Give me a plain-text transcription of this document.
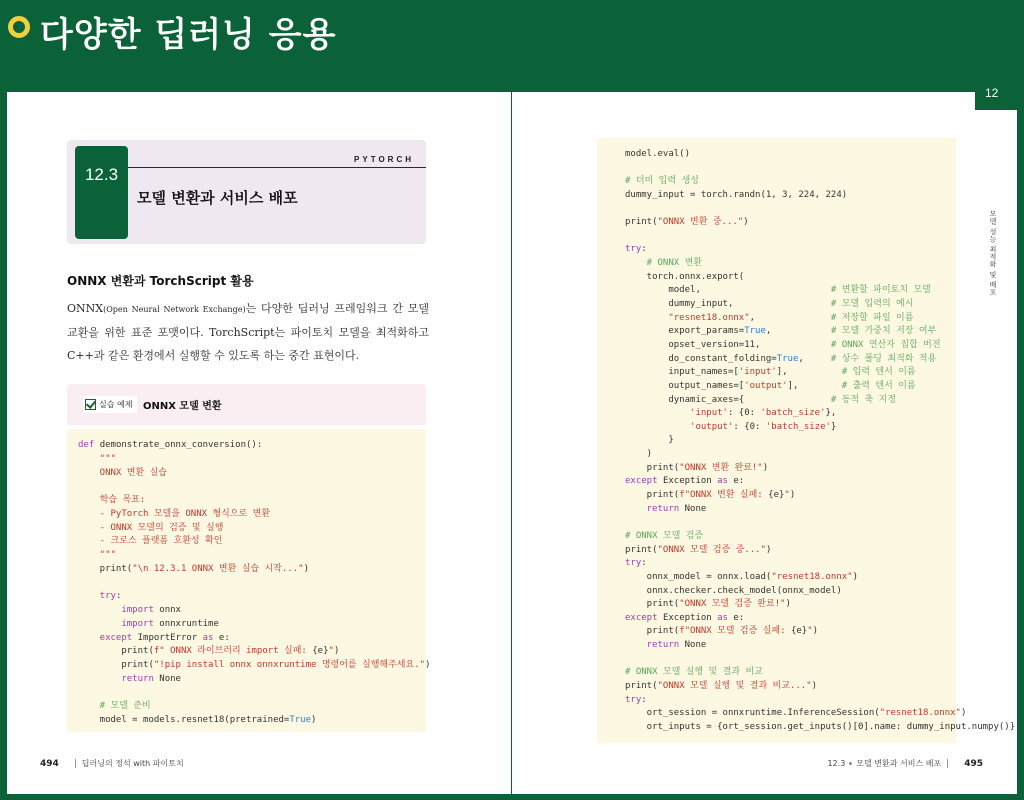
다양한 딥러닝 응용
12.3
PYTORCH
모델 변환과 서비스 배포
ONNX 변환과 TorchScript 활용
ONNX(Open Neural Network Exchange)는 다양한 딥러닝 프레임워크 간 모델 교환을 위한 표준 포맷이다. TorchScript는 파이토치 모델을 최적화하고 C++과 같은 환경에서 실행할 수 있도록 하는 중간 표현이다.
실습 예제 ONNX 모델 변환
def demonstrate_onnx_conversion():
"""
ONNX 변환 실습
학습 목표:
- PyTorch 모델을 ONNX 형식으로 변환
- ONNX 모델의 검증 및 실행
- 크로스 플랫폼 호환성 확인
"""
print("\n 12.3.1 ONNX 변환 실습 시작...")
try:
import onnx
import onnxruntime
except ImportError as e:
print(f" ONNX 라이브러리 import 실패: {e}")
print("!pip install onnx onnxruntime 명령어를 실행해주세요.")
return None
# 모델 준비
model = models.resnet18(pretrained=True)
model.eval()
# 더미 입력 생성
dummy_input = torch.randn(1, 3, 224, 224)
print("ONNX 변환 중...")
try:
# ONNX 변환
torch.onnx.export(
model,                        # 변환할 파이토치 모델
dummy_input,                  # 모델 입력의 예시
"resnet18.onnx",              # 저장할 파일 이름
export_params=True,           # 모델 가중치 저장 여부
opset_version=11,             # ONNX 연산자 집합 버전
do_constant_folding=True,     # 상수 폴딩 최적화 적용
input_names=['input'],          # 입력 텐서 이름
output_names=['output'],        # 출력 텐서 이름
dynamic_axes={                # 동적 축 지정
'input': {0: 'batch_size'},
'output': {0: 'batch_size'}
}
)
print("ONNX 변환 완료!")
except Exception as e:
print(f"ONNX 변환 실패: {e}")
return None
# ONNX 모델 검증
print("ONNX 모델 검증 중...")
try:
onnx_model = onnx.load("resnet18.onnx")
onnx.checker.check_model(onnx_model)
print("ONNX 모델 검증 완료!")
except Exception as e:
print(f"ONNX 모델 검증 실패: {e}")
return None
# ONNX 모델 실행 및 결과 비교
print("ONNX 모델 실행 및 결과 비교...")
try:
ort_session = onnxruntime.InferenceSession("resnet18.onnx")
ort_inputs = {ort_session.get_inputs()[0].name: dummy_input.numpy()}
494	딥러닝의 정석 with 파이토치	12.3 모델 변환과 서비스 배포	495
12
모델 성능 최적화 및 배포
